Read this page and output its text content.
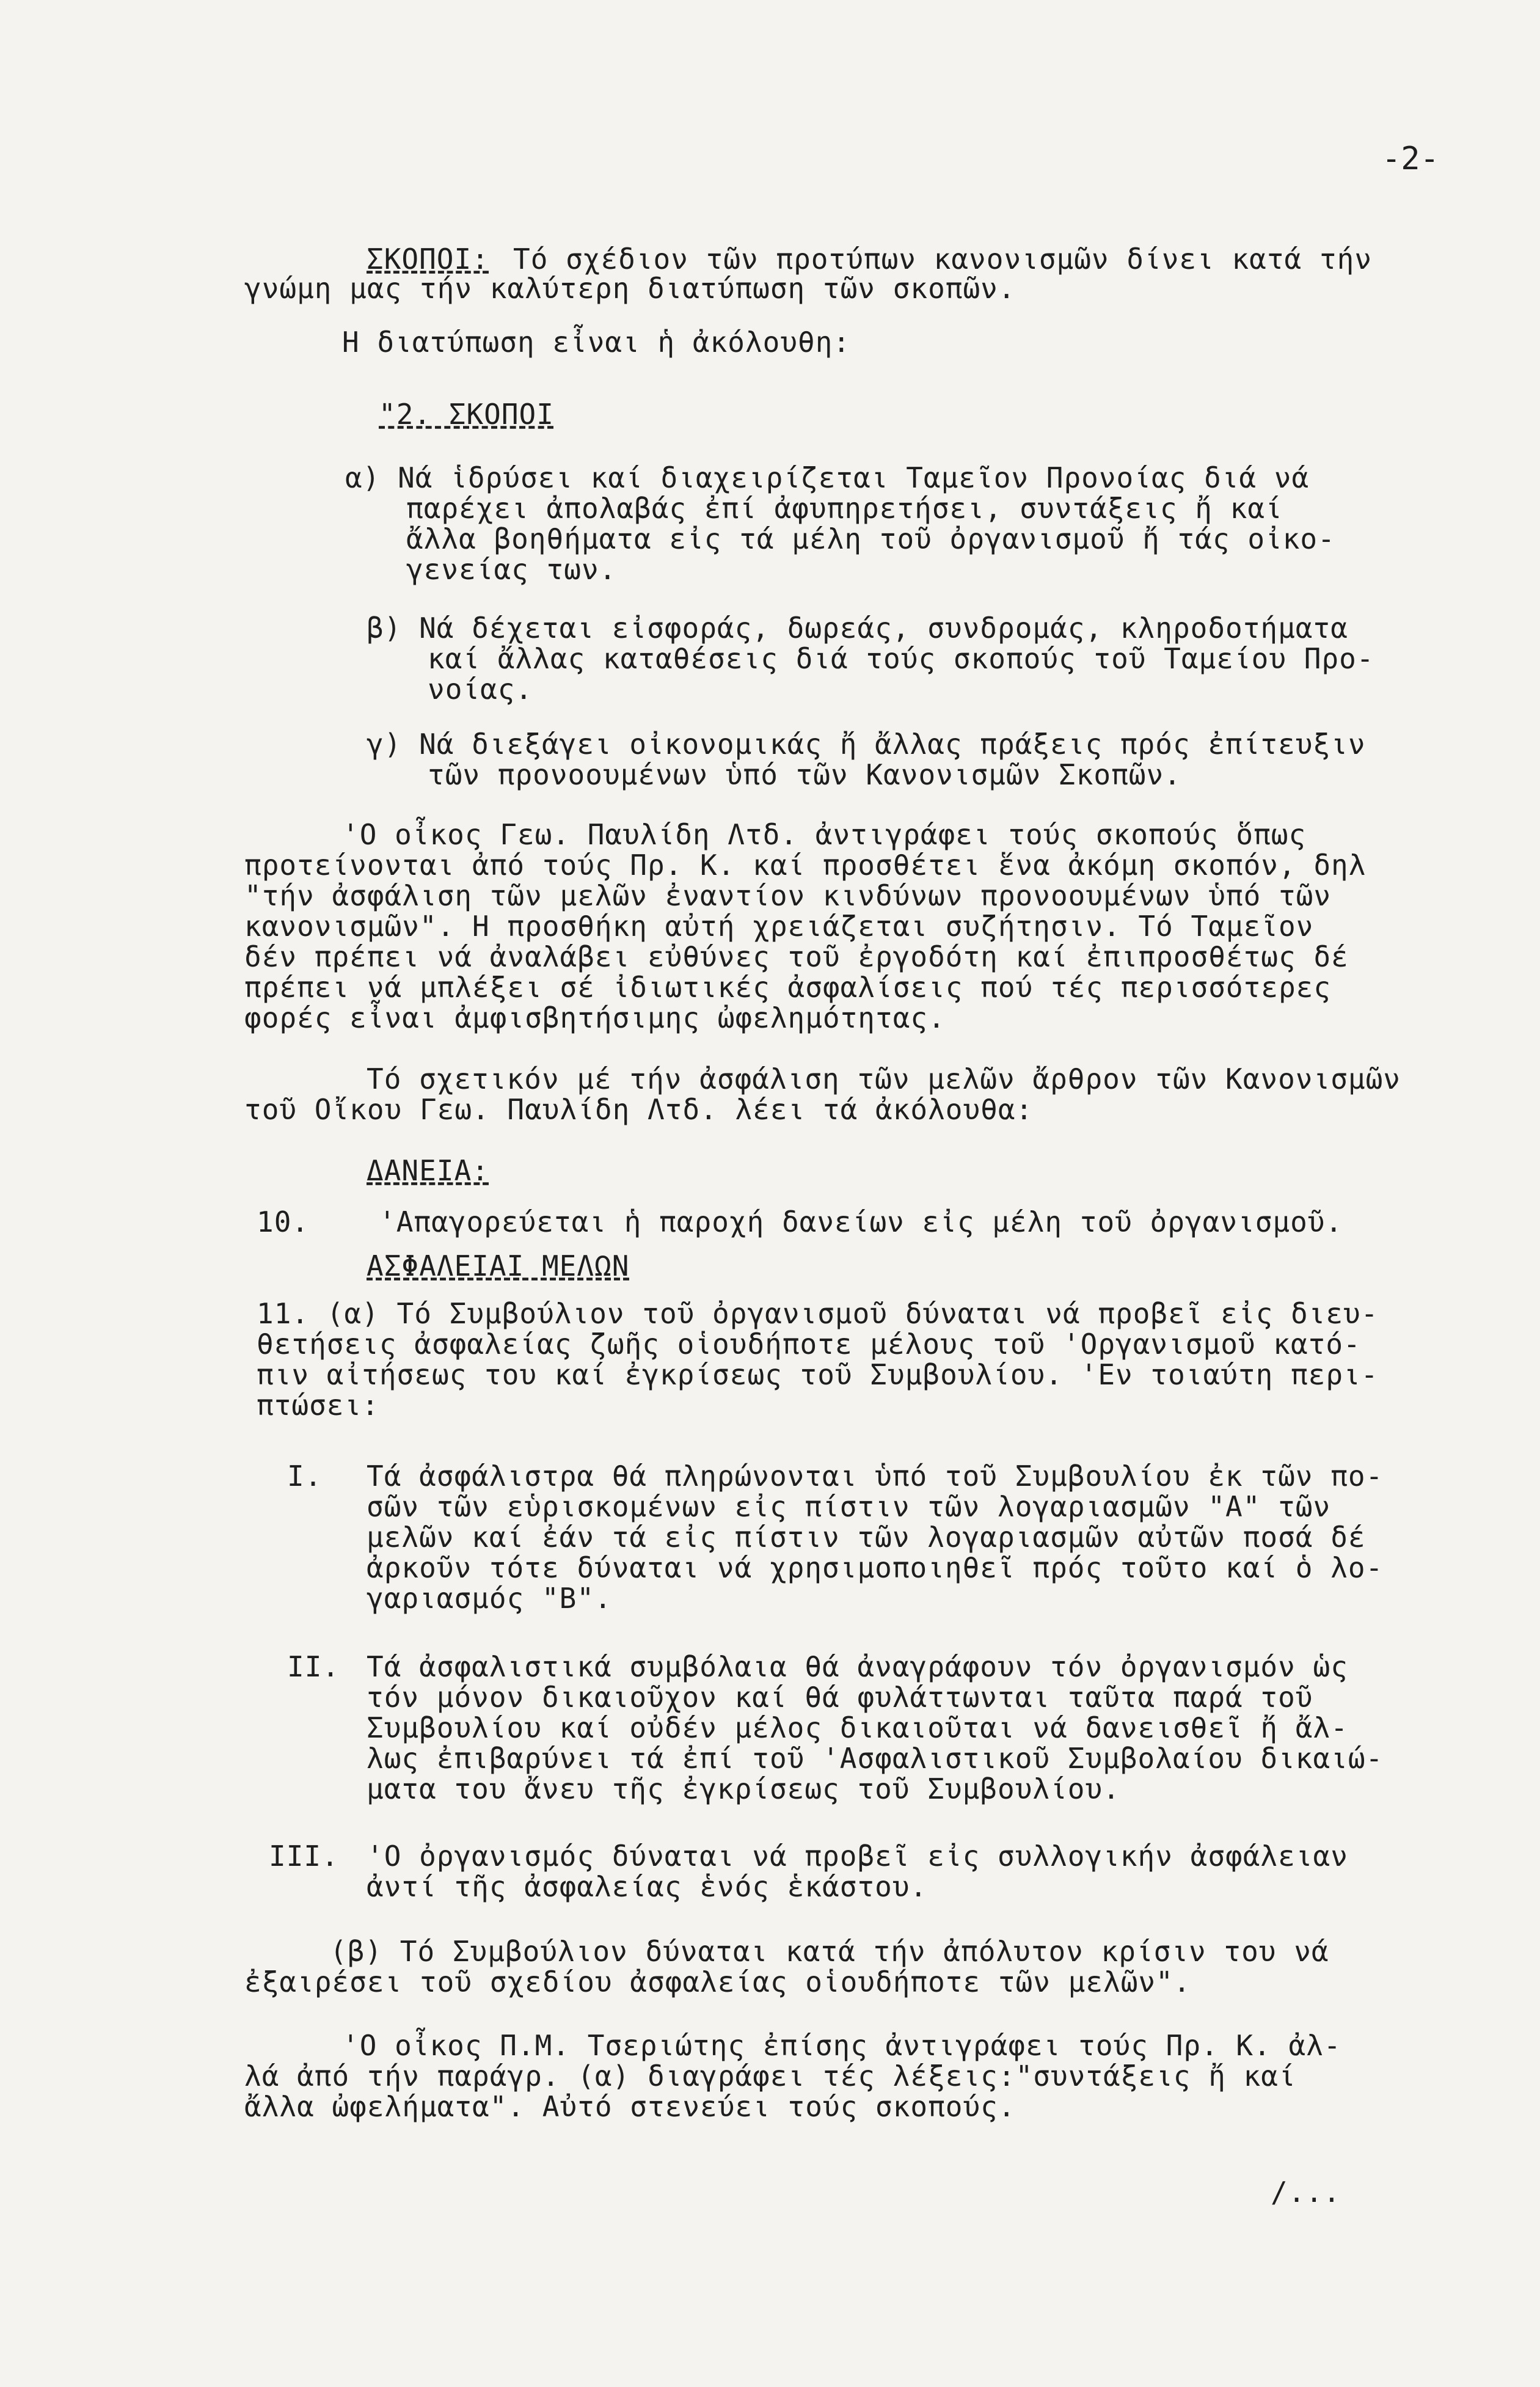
-2-
ΣΚΟΠΟΙ: Τό σχέδιον τῶν προτύπων κανονισμῶν δίνει κατά τήν
γνώμη μας τήν καλύτερη διατύπωση τῶν σκοπῶν.
Η διατύπωση εἶναι ἡ ἀκόλουθη:
"2. ΣΚΟΠΟΙ
α) Νά ἱδρύσει καί διαχειρίζεται Ταμεῖον Προνοίας διά νά
παρέχει ἀπολαβάς ἐπί ἀφυπηρετήσει, συντάξεις ἤ καί
ἄλλα βοηθήματα εἰς τά μέλη τοῦ ὀργανισμοῦ ἤ τάς οἰκο-
γενείας των.
β) Νά δέχεται εἰσφοράς, δωρεάς, συνδρομάς, κληροδοτήματα
καί ἄλλας καταθέσεις διά τούς σκοπούς τοῦ Ταμείου Προ-
νοίας.
γ) Νά διεξάγει οἰκονομικάς ἤ ἄλλας πράξεις πρός ἐπίτευξιν
τῶν προνοουμένων ὑπό τῶν Κανονισμῶν Σκοπῶν.
'Ο οἶκος Γεω. Παυλίδη Λτδ. ἀντιγράφει τούς σκοπούς ὅπως
προτείνονται ἀπό τούς Πρ. Κ. καί προσθέτει ἕνα ἀκόμη σκοπόν, δηλ
"τήν ἀσφάλιση τῶν μελῶν ἐναντίον κινδύνων προνοουμένων ὑπό τῶν
κανονισμῶν". Η προσθήκη αὐτή χρειάζεται συζήτησιν. Τό Ταμεῖον
δέν πρέπει νά ἀναλάβει εὐθύνες τοῦ ἐργοδότη καί ἐπιπροσθέτως δέ
πρέπει νά μπλέξει σέ ἰδιωτικές ἀσφαλίσεις πού τές περισσότερες
φορές εἶναι ἀμφισβητήσιμης ὠφελημότητας.
Τό σχετικόν μέ τήν ἀσφάλιση τῶν μελῶν ἄρθρον τῶν Κανονισμῶν
τοῦ Οἴκου Γεω. Παυλίδη Λτδ. λέει τά ἀκόλουθα:
ΔΑΝΕΙΑ:
10. 'Απαγορεύεται ἡ παροχή δανείων εἰς μέλη τοῦ ὀργανισμοῦ.
ΑΣΦΑΛΕΙΑΙ ΜΕΛΩΝ
11. (α) Τό Συμβούλιον τοῦ ὀργανισμοῦ δύναται νά προβεῖ εἰς διευ-
θετήσεις ἀσφαλείας ζωῆς οἱουδήποτε μέλους τοῦ 'Οργανισμοῦ κατό-
πιν αἰτήσεως του καί ἐγκρίσεως τοῦ Συμβουλίου. 'Εν τοιαύτη περι-
πτώσει:
I. Τά ἀσφάλιστρα θά πληρώνονται ὑπό τοῦ Συμβουλίου ἐκ τῶν πο-
σῶν τῶν εὑρισκομένων εἰς πίστιν τῶν λογαριασμῶν "Α" τῶν
μελῶν καί ἐάν τά εἰς πίστιν τῶν λογαριασμῶν αὐτῶν ποσά δέ
ἀρκοῦν τότε δύναται νά χρησιμοποιηθεῖ πρός τοῦτο καί ὁ λο-
γαριασμός "Β".
II. Τά ἀσφαλιστικά συμβόλαια θά ἀναγράφουν τόν ὀργανισμόν ὡς
τόν μόνον δικαιοῦχον καί θά φυλάττωνται ταῦτα παρά τοῦ
Συμβουλίου καί οὐδέν μέλος δικαιοῦται νά δανεισθεῖ ἤ ἄλ-
λως ἐπιβαρύνει τά ἐπί τοῦ 'Ασφαλιστικοῦ Συμβολαίου δικαιώ-
ματα του ἄνευ τῆς ἐγκρίσεως τοῦ Συμβουλίου.
III. 'Ο ὀργανισμός δύναται νά προβεῖ εἰς συλλογικήν ἀσφάλειαν
ἀντί τῆς ἀσφαλείας ἑνός ἑκάστου.
(β) Τό Συμβούλιον δύναται κατά τήν ἀπόλυτον κρίσιν του νά
ἐξαιρέσει τοῦ σχεδίου ἀσφαλείας οἱουδήποτε τῶν μελῶν".
'Ο οἶκος Π.Μ. Τσεριώτης ἐπίσης ἀντιγράφει τούς Πρ. Κ. ἀλ-
λά ἀπό τήν παράγρ. (α) διαγράφει τές λέξεις:"συντάξεις ἤ καί
ἄλλα ὠφελήματα". Αὐτό στενεύει τούς σκοπούς.
/...
